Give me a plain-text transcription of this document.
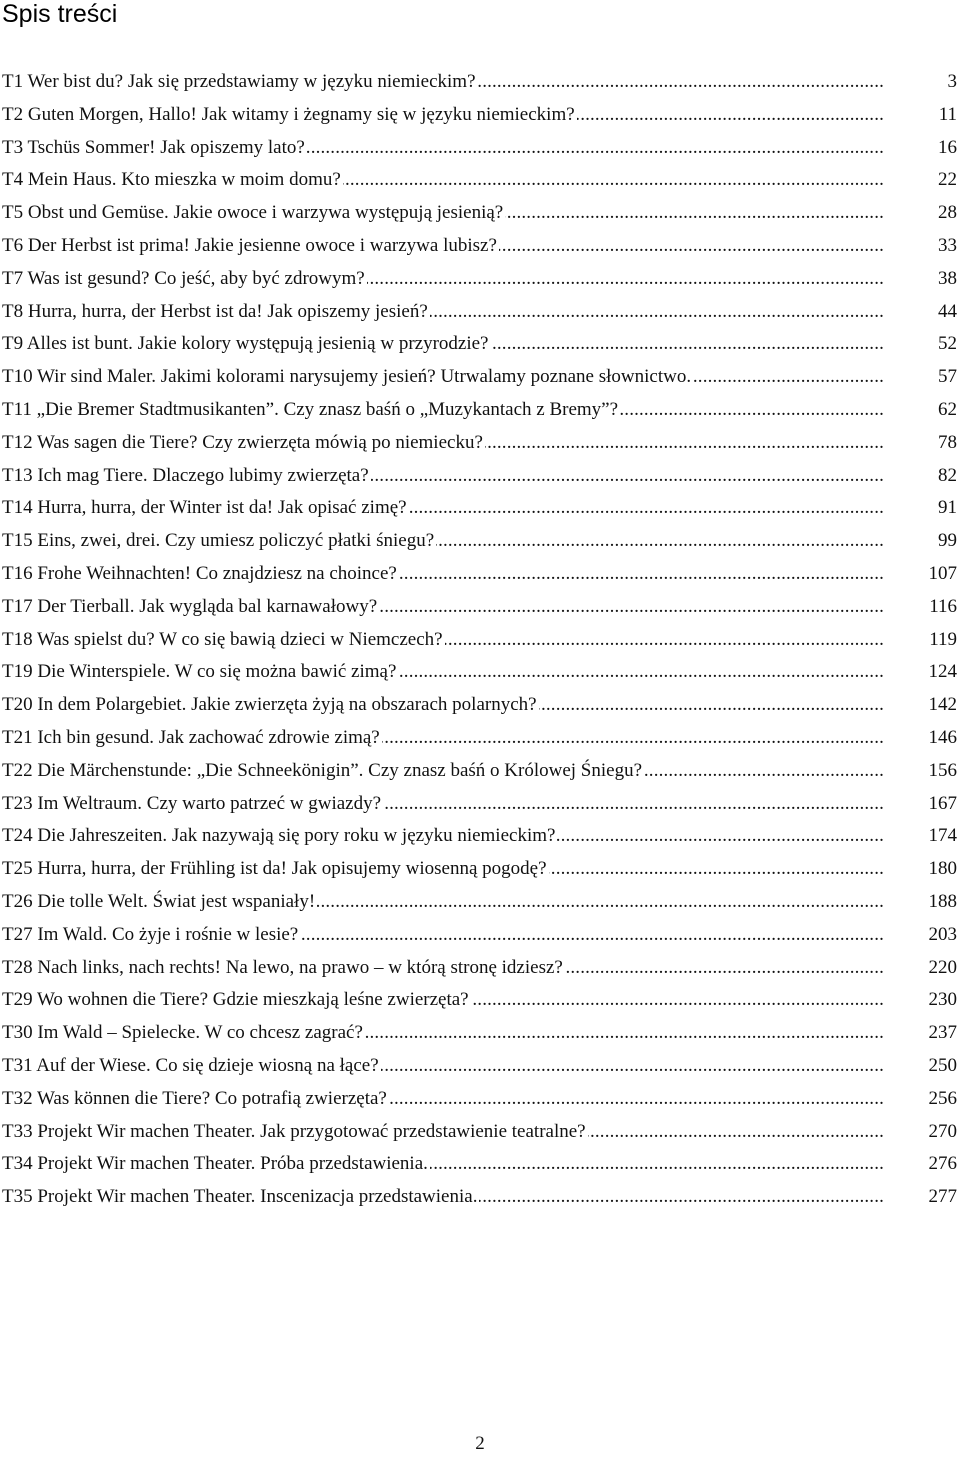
Spis treści
. . .
T1 Wer bist du? Jak się przedstawiamy w języku niemieckim?	3
. . .
T2 Guten Morgen, Hallo! Jak witamy i żegnamy się w języku niemieckim?	11
. . .
T3 Tschüs Sommer! Jak opiszemy lato?	16
. . .
T4 Mein Haus. Kto mieszka w moim domu?	22
. . .
T5 Obst und Gemüse. Jakie owoce i warzywa występują jesienią?	28
. . .
T6 Der Herbst ist prima! Jakie jesienne owoce i warzywa lubisz?	33
. . .
T7 Was ist gesund? Co jeść, aby być zdrowym?	38
. . .
T8 Hurra, hurra, der Herbst ist da! Jak opiszemy jesień?	44
. . .
T9 Alles ist bunt. Jakie kolory występują jesienią w przyrodzie?	52
. . .
T10 Wir sind Maler. Jakimi kolorami narysujemy jesień? Utrwalamy poznane słownictwo.	57
. . .
T11 „Die Bremer Stadtmusikanten”. Czy znasz baśń o „Muzykantach z Bremy”?	62
. . .
T12 Was sagen die Tiere? Czy zwierzęta mówią po niemiecku?	78
. . .
T13 Ich mag Tiere. Dlaczego lubimy zwierzęta?	82
. . .
T14 Hurra, hurra, der Winter ist da! Jak opisać zimę?	91
. . .
T15 Eins, zwei, drei. Czy umiesz policzyć płatki śniegu?	99
. . .
T16 Frohe Weihnachten! Co znajdziesz na choince?	107
. . .
T17 Der Tierball. Jak wygląda bal karnawałowy?	116
. . .
T18 Was spielst du? W co się bawią dzieci w Niemczech?	119
. . .
T19 Die Winterspiele. W co się można bawić zimą?	124
. . .
T20 In dem Polargebiet. Jakie zwierzęta żyją na obszarach polarnych?	142
. . .
T21 Ich bin gesund. Jak zachować zdrowie zimą?	146
. . .
T22 Die Märchenstunde: „Die Schneekönigin”. Czy znasz baśń o Królowej Śniegu?	156
. . .
T23 Im Weltraum. Czy warto patrzeć w gwiazdy?	167
. . .
T24 Die Jahreszeiten. Jak nazywają się pory roku w języku niemieckim?	174
. . .
T25 Hurra, hurra, der Frühling ist da! Jak opisujemy wiosenną pogodę?	180
. . .
T26 Die tolle Welt. Świat jest wspaniały!	188
. . .
T27 Im Wald. Co żyje i rośnie w lesie?	203
. . .
T28 Nach links, nach rechts! Na lewo, na prawo – w którą stronę idziesz?	220
. . .
T29 Wo wohnen die Tiere? Gdzie mieszkają leśne zwierzęta?	230
. . .
T30 Im Wald – Spielecke. W co chcesz zagrać?	237
. . .
T31 Auf der Wiese. Co się dzieje wiosną na łące?	250
. . .
T32 Was können die Tiere? Co potrafią zwierzęta?	256
. . .
T33 Projekt Wir machen Theater. Jak przygotować przedstawienie teatralne?	270
. . .
T34 Projekt Wir machen Theater. Próba przedstawienia.	276
. . .
T35 Projekt Wir machen Theater. Inscenizacja przedstawienia.	277
2
